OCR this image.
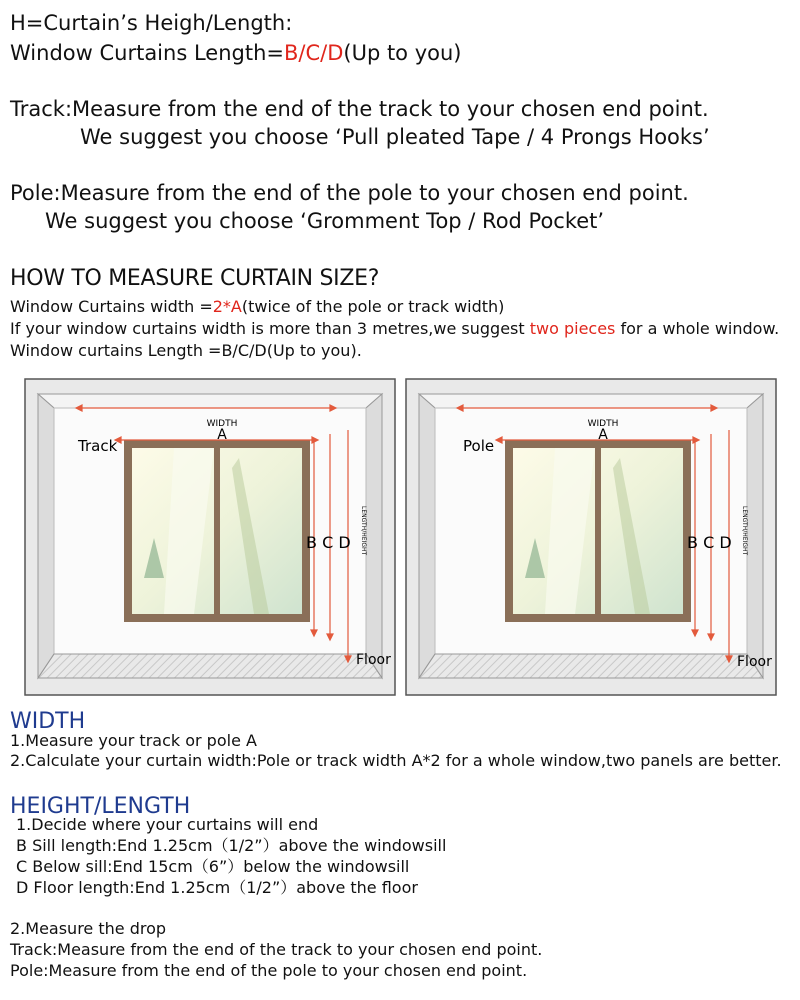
H=Curtain’s Heigh/Length:
Window Curtains Length=B/C/D(Up to you)
Track:Measure from the end of the track to your chosen end point.
We suggest you choose ‘Pull pleated Tape / 4 Prongs Hooks’
Pole:Measure from the end of the pole to your chosen end point.
We suggest you choose ‘Gromment Top / Rod Pocket’
HOW TO MEASURE CURTAIN SIZE?
Window Curtains width =2*A(twice of the pole or track width)
If your window curtains width is more than 3 metres,we suggest two pieces for a whole window.
Window curtains Length =B/C/D(Up to you).
WIDTH
A
Track
B C D LENGTH/HEIGHT
Floor
WIDTH
A
Pole
B C D LENGTH/HEIGHT
Floor
WIDTH
1.Measure your track or pole A
2.Calculate your curtain width:Pole or track width A*2 for a whole window,two panels are better.
HEIGHT/LENGTH
1.Decide where your curtains will end
B Sill length:End 1.25cm（1/2”）above the windowsill
C Below sill:End 15cm（6”）below the windowsill
D Floor length:End 1.25cm（1/2”）above the floor
2.Measure the drop
Track:Measure from the end of the track to your chosen end point.
Pole:Measure from the end of the pole to your chosen end point.
